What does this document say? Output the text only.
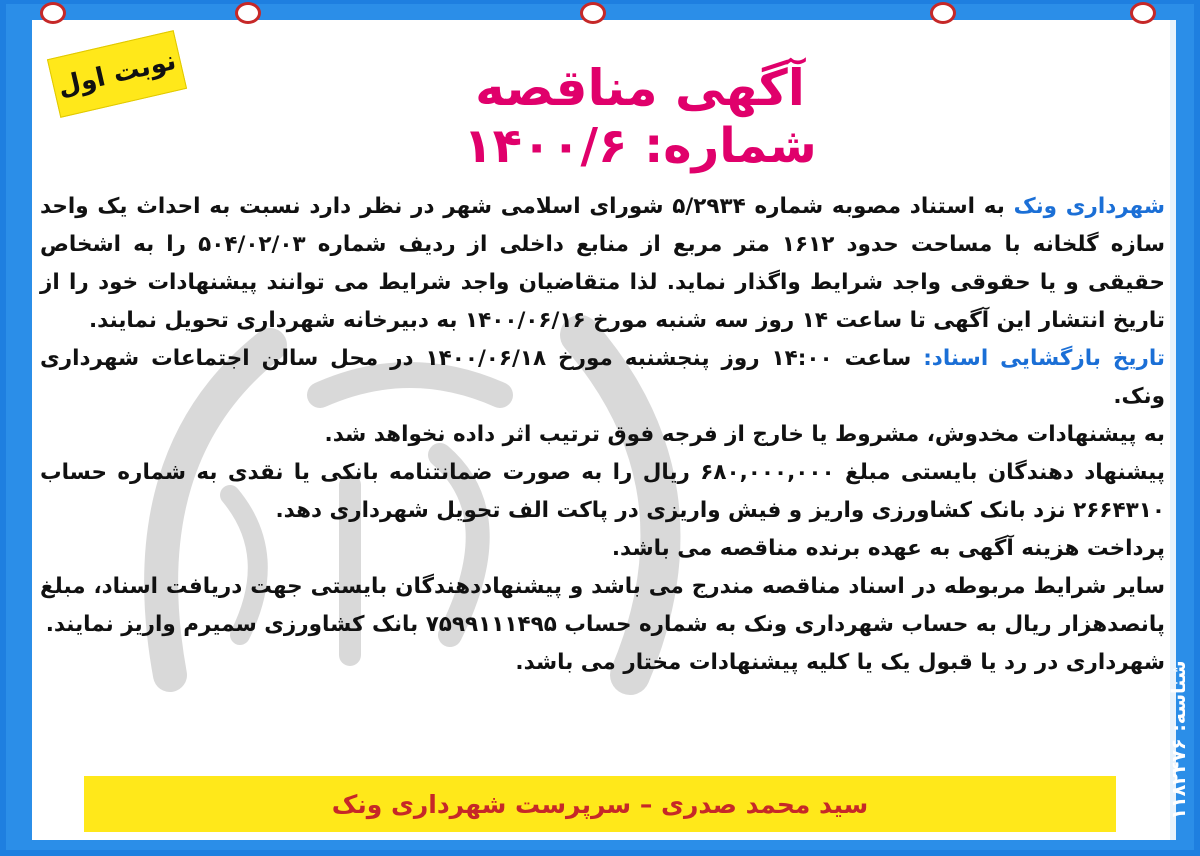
نوبت اول	آگهی مناقصه
شماره: ۱۴۰۰/۶

شهرداری ونک به استناد مصوبه شماره ۵/۲۹۳۴ شورای اسلامی شهر در نظر دارد نسبت به احداث یک واحد سازه گلخانه با مساحت حدود ۱۶۱۲ متر مربع از منابع داخلی از ردیف شماره ۵۰۴/۰۲/۰۳ را به اشخاص حقیقی و یا حقوقی واجد شرایط واگذار نماید. لذا متقاضیان واجد شرایط می توانند پیشنهادات خود را از تاریخ انتشار این آگهی تا ساعت ۱۴ روز سه شنبه مورخ ۱۴۰۰/۰۶/۱۶ به دبیرخانه شهرداری تحویل نمایند.

تاریخ بازگشایی اسناد: ساعت ۱۴:۰۰ روز پنجشنبه مورخ ۱۴۰۰/۰۶/۱۸ در محل سالن اجتماعات شهرداری ونک.

به پیشنهادات مخدوش، مشروط یا خارج از فرجه فوق ترتیب اثر داده نخواهد شد.

پیشنهاد دهندگان بایستی مبلغ ۶۸۰,۰۰۰,۰۰۰ ریال را به صورت ضمانتنامه بانکی یا نقدی به شماره حساب ۲۶۶۴۳۱۰ نزد بانک کشاورزی واریز و فیش واریزی در پاکت الف تحویل شهرداری دهد.

پرداخت هزینه آگهی به عهده برنده مناقصه می باشد.

سایر شرایط مربوطه در اسناد مناقصه مندرج می باشد و پیشنهاددهندگان بایستی جهت دریافت اسناد، مبلغ پانصدهزار ریال به حساب شهرداری ونک به شماره حساب ۷۵۹۹۱۱۱۴۹۵ بانک کشاورزی سمیرم واریز نمایند.

شهرداری در رد یا قبول یک یا کلیه پیشنهادات مختار می باشد.

سید محمد صدری – سرپرست شهرداری ونک	شناسه: ۱۱۸۲۴۷۶
